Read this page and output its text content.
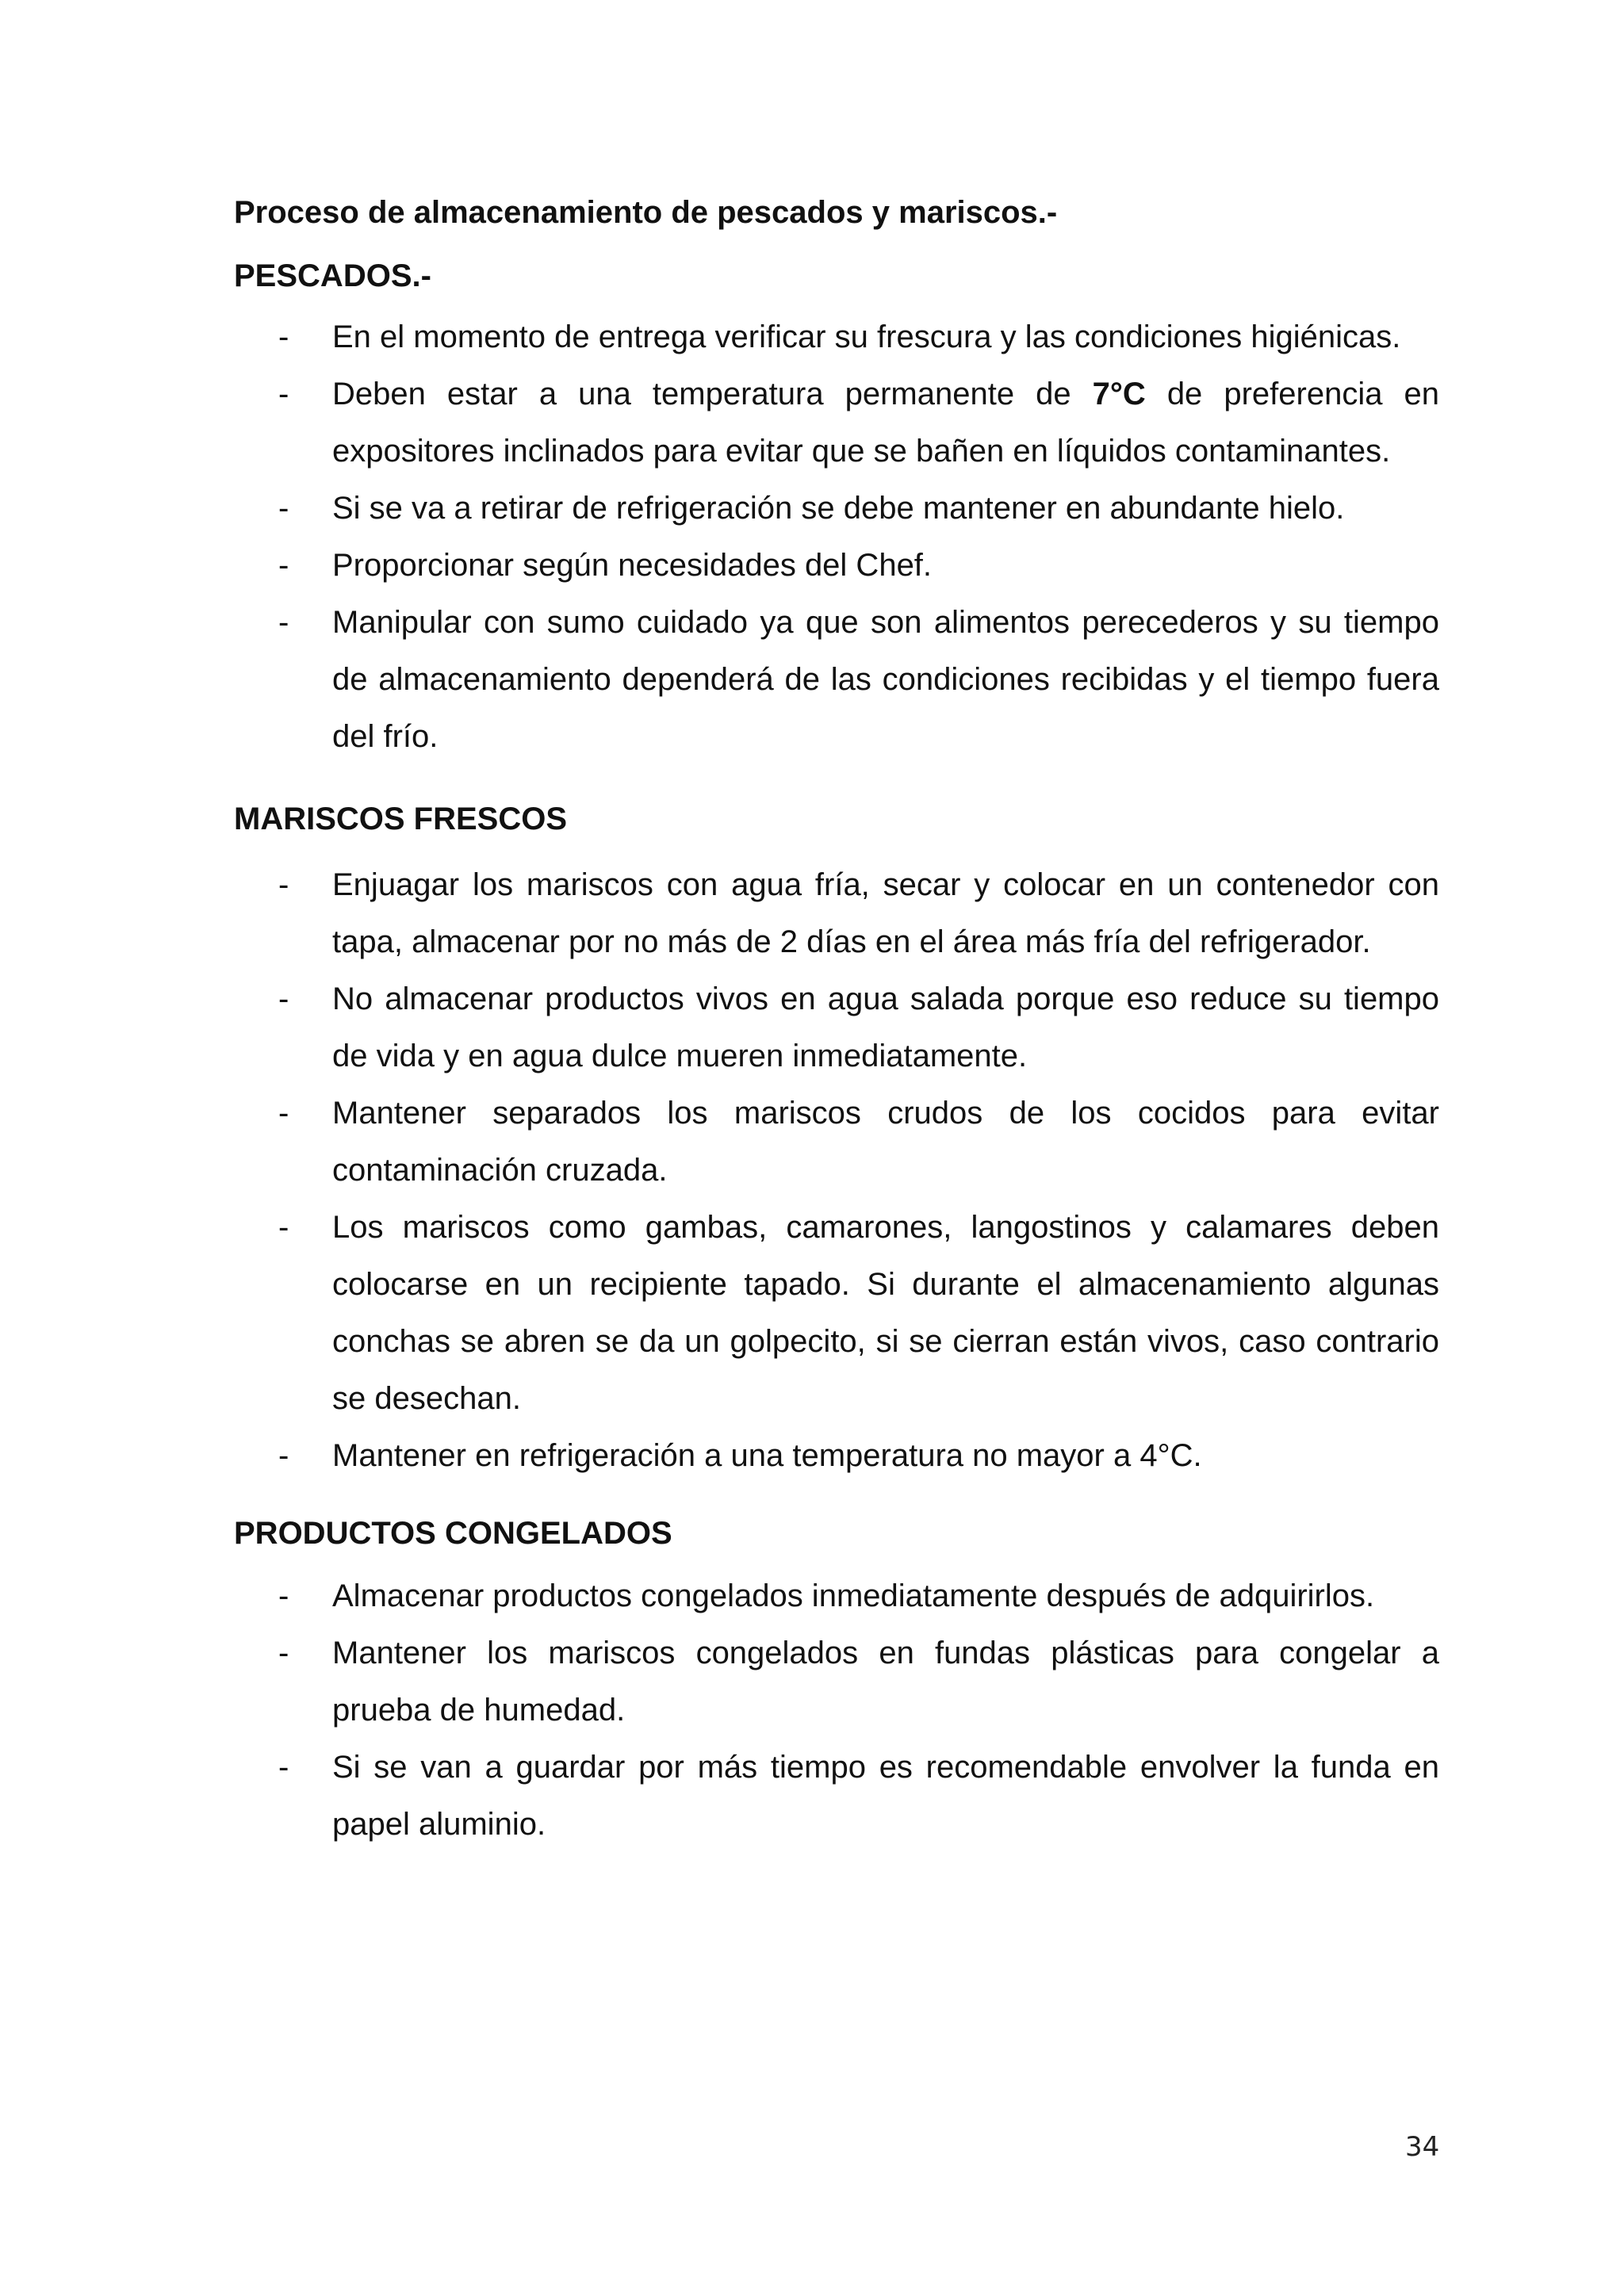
Proceso de almacenamiento de pescados y mariscos.-
PESCADOS.-
- En el momento de entrega verificar su frescura y las condiciones higiénicas.
- Deben estar a una temperatura permanente de 7°C de preferencia en expositores inclinados para evitar que se bañen en líquidos contaminantes.
- Si se va a retirar de refrigeración se debe mantener en abundante hielo.
- Proporcionar según necesidades del Chef.
- Manipular con sumo cuidado ya que son alimentos perecederos y su tiempo de almacenamiento dependerá de las condiciones recibidas y el tiempo fuera del frío.
MARISCOS FRESCOS
- Enjuagar los mariscos con agua fría, secar y colocar en un contenedor con tapa, almacenar por no más de 2 días en el área más fría del refrigerador.
- No almacenar productos vivos en agua salada porque eso reduce su tiempo de vida y en agua dulce mueren inmediatamente.
- Mantener separados los mariscos crudos de los cocidos para evitar contaminación cruzada.
- Los mariscos como gambas, camarones, langostinos y calamares deben colocarse en un recipiente tapado. Si durante el almacenamiento algunas conchas se abren se da un golpecito, si se cierran están vivos, caso contrario se desechan.
- Mantener en refrigeración a una temperatura no mayor a 4°C.
PRODUCTOS CONGELADOS
- Almacenar productos congelados inmediatamente después de adquirirlos.
- Mantener los mariscos congelados en fundas plásticas para congelar a prueba de humedad.
- Si se van a guardar por más tiempo es recomendable envolver la funda en papel aluminio.
34
